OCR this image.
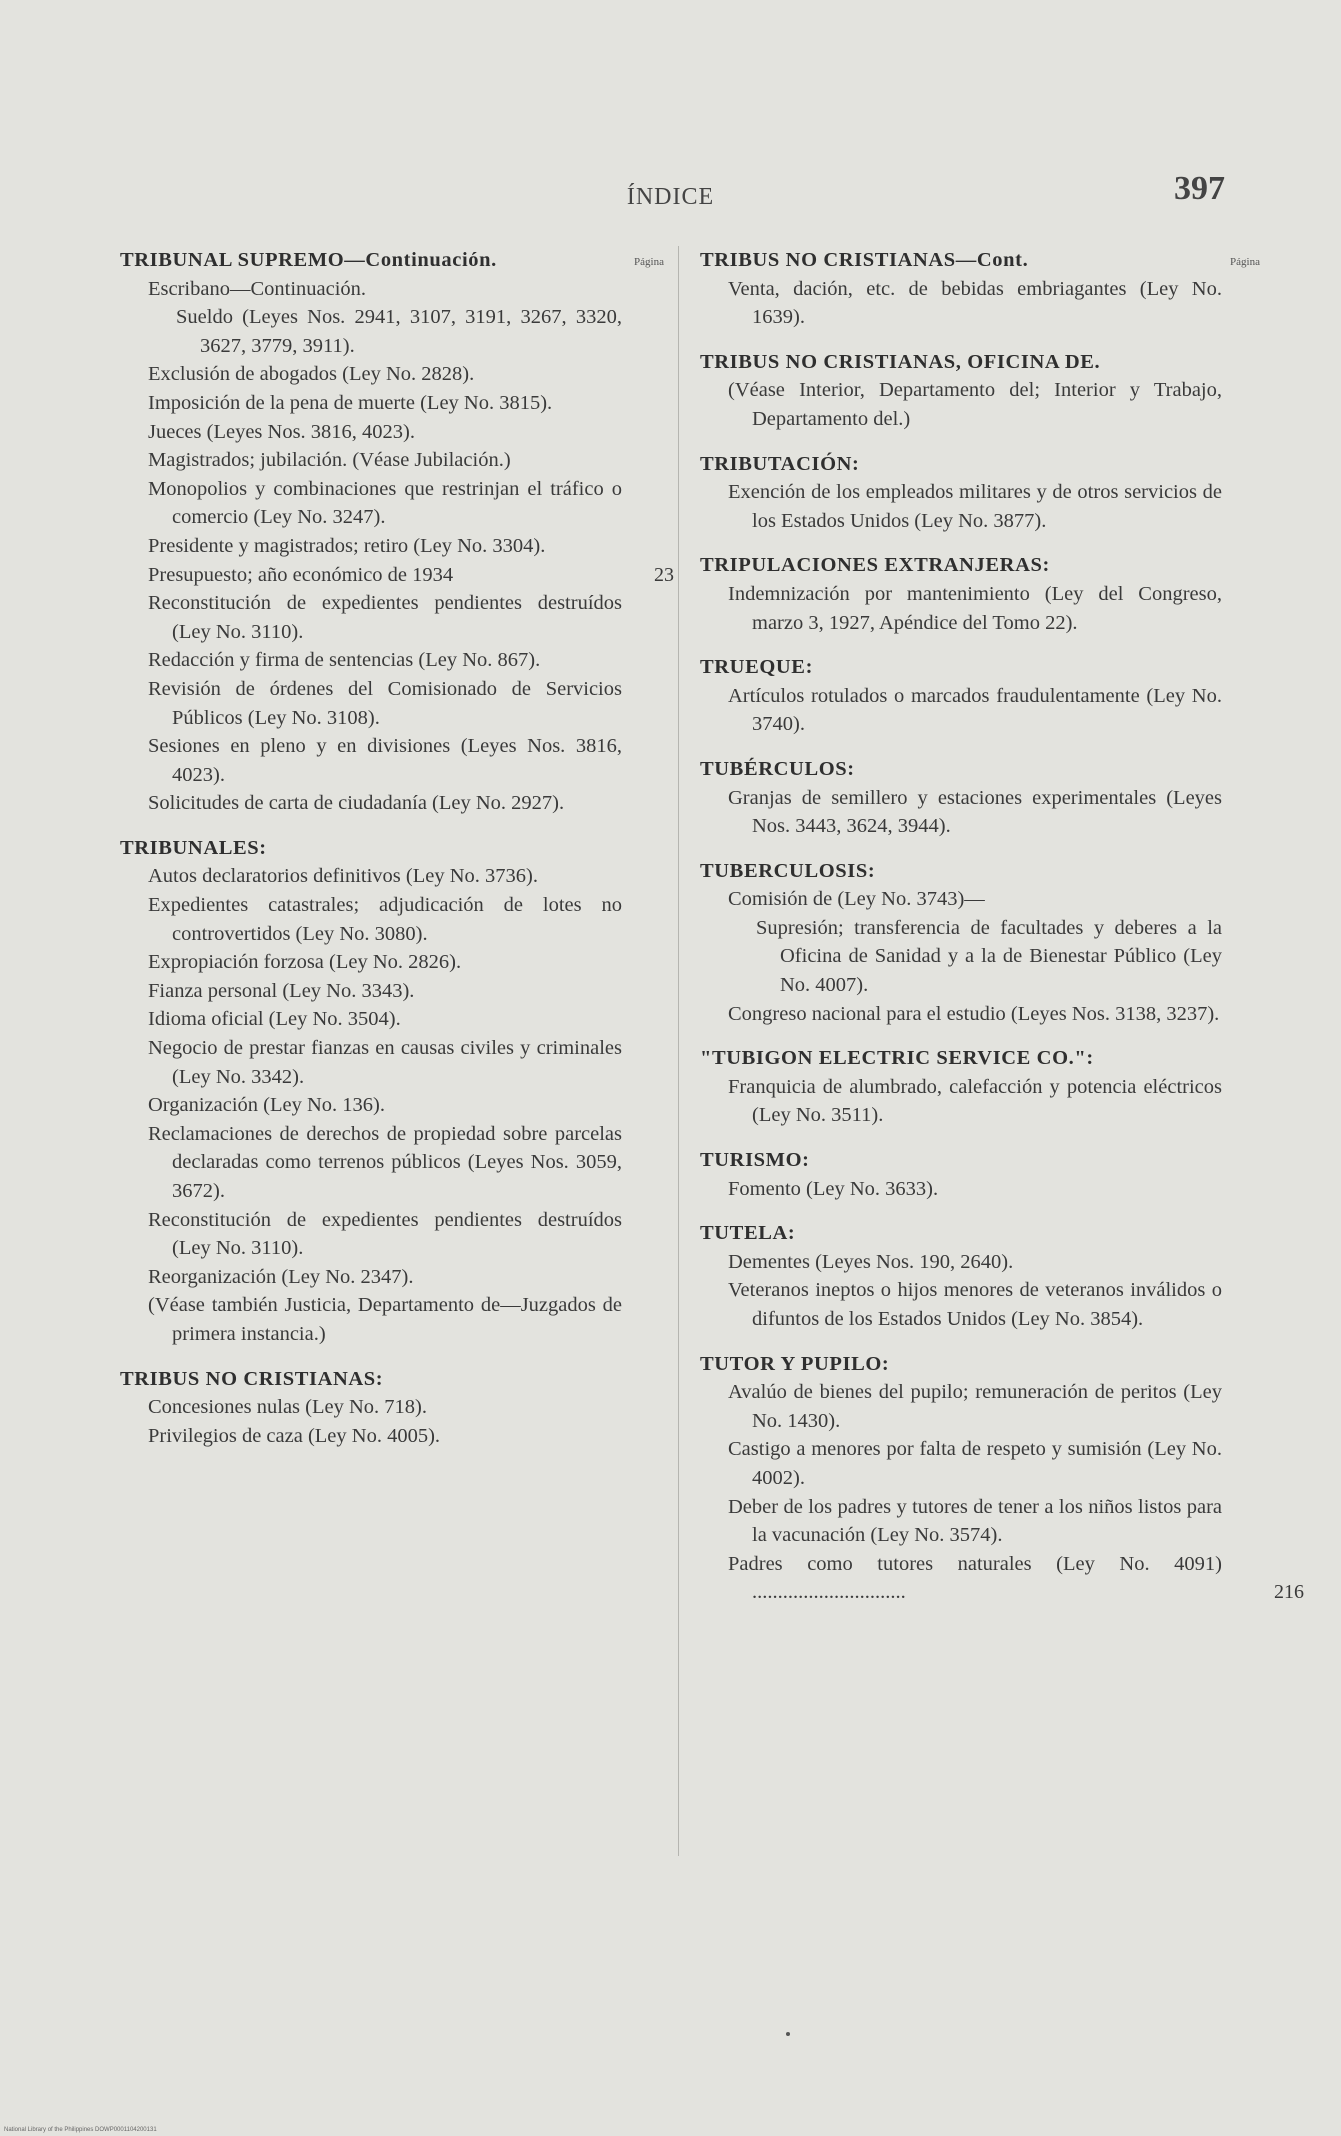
ÍNDICE	397
Página
TRIBUNAL SUPREMO—Continuación.
Escribano—Continuación.
Sueldo (Leyes Nos. 2941, 3107, 3191, 3267, 3320, 3627, 3779, 3911).
Exclusión de abogados (Ley No. 2828).
Imposición de la pena de muerte (Ley No. 3815).
Jueces (Leyes Nos. 3816, 4023).
Magistrados; jubilación. (Véase Jubilación.)
Monopolios y combinaciones que restrinjan el tráfico o comercio (Ley No. 3247).
Presidente y magistrados; retiro (Ley No. 3304).
Presupuesto; año económico de 1934	23
Reconstitución de expedientes pendientes destruídos (Ley No. 3110).
Redacción y firma de sentencias (Ley No. 867).
Revisión de órdenes del Comisionado de Servicios Públicos (Ley No. 3108).
Sesiones en pleno y en divisiones (Leyes Nos. 3816, 4023).
Solicitudes de carta de ciudadanía (Ley No. 2927).
TRIBUNALES:
Autos declaratorios definitivos (Ley No. 3736).
Expedientes catastrales; adjudicación de lotes no controvertidos (Ley No. 3080).
Expropiación forzosa (Ley No. 2826).
Fianza personal (Ley No. 3343).
Idioma oficial (Ley No. 3504).
Negocio de prestar fianzas en causas civiles y criminales (Ley No. 3342).
Organización (Ley No. 136).
Reclamaciones de derechos de propiedad sobre parcelas declaradas como terrenos públicos (Leyes Nos. 3059, 3672).
Reconstitución de expedientes pendientes destruídos (Ley No. 3110).
Reorganización (Ley No. 2347).
(Véase también Justicia, Departamento de—Juzgados de primera instancia.)
TRIBUS NO CRISTIANAS:
Concesiones nulas (Ley No. 718).
Privilegios de caza (Ley No. 4005).
Página
TRIBUS NO CRISTIANAS—Cont.
Venta, dación, etc. de bebidas embriagantes (Ley No. 1639).
TRIBUS NO CRISTIANAS, OFICINA DE.
(Véase Interior, Departamento del; Interior y Trabajo, Departamento del.)
TRIBUTACIÓN:
Exención de los empleados militares y de otros servicios de los Estados Unidos (Ley No. 3877).
TRIPULACIONES EXTRANJERAS:
Indemnización por mantenimiento (Ley del Congreso, marzo 3, 1927, Apéndice del Tomo 22).
TRUEQUE:
Artículos rotulados o marcados fraudulentamente (Ley No. 3740).
TUBÉRCULOS:
Granjas de semillero y estaciones experimentales (Leyes Nos. 3443, 3624, 3944).
TUBERCULOSIS:
Comisión de (Ley No. 3743)—
Supresión; transferencia de facultades y deberes a la Oficina de Sanidad y a la de Bienestar Público (Ley No. 4007).
Congreso nacional para el estudio (Leyes Nos. 3138, 3237).
"TUBIGON ELECTRIC SERVICE CO.":
Franquicia de alumbrado, calefacción y potencia eléctricos (Ley No. 3511).
TURISMO:
Fomento (Ley No. 3633).
TUTELA:
Dementes (Leyes Nos. 190, 2640).
Veteranos ineptos o hijos menores de veteranos inválidos o difuntos de los Estados Unidos (Ley No. 3854).
TUTOR Y PUPILO:
Avalúo de bienes del pupilo; remuneración de peritos (Ley No. 1430).
Castigo a menores por falta de respeto y sumisión (Ley No. 4002).
Deber de los padres y tutores de tener a los niños listos para la vacunación (Ley No. 3574).
Padres como tutores naturales (Ley No. 4091) ..............................	216
National Library of the Philippines DOWP0001104200131
